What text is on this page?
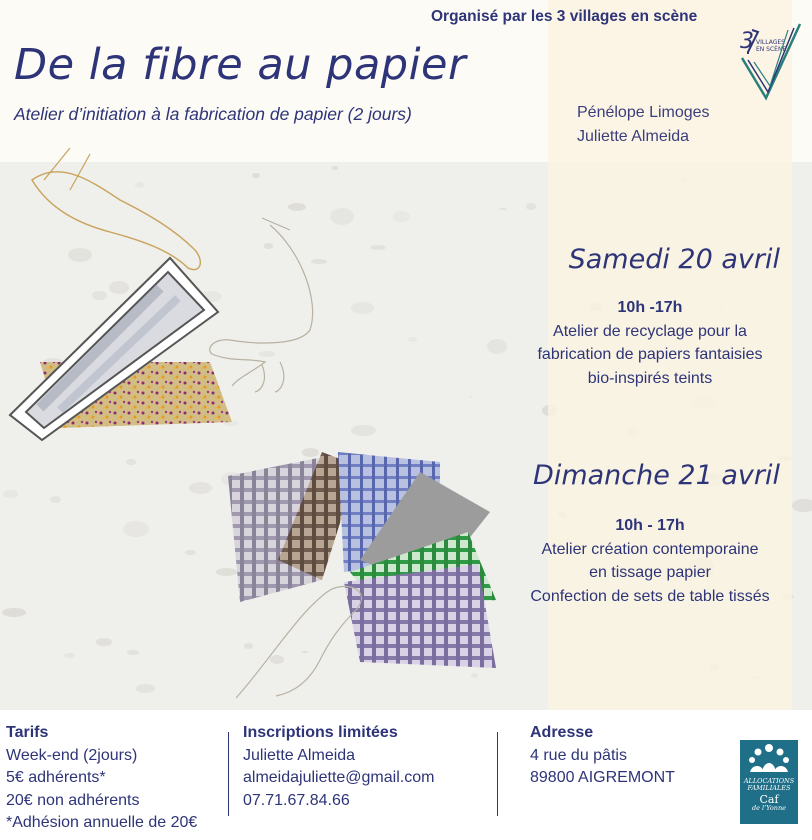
Organisé par les 3 villages en scène
3 VILLAGES
EN SCÈNE
De la fibre au papier
Atelier d’initiation à la fabrication de papier (2 jours)	Pénélope Limoges
Juliette Almeida
Samedi 20 avril
10h -17h
Atelier de recyclage pour la
fabrication de papiers fantaisies
bio-inspirés teints
Dimanche 21 avril
10h - 17h
Atelier création contemporaine
en tissage papier
Confection de sets de table tissés
Tarifs
Week-end (2jours)
5€ adhérents*
20€ non adhérents
*Adhésion annuelle de 20€
Inscriptions limitées
Juliette Almeida
almeidajuliette@gmail.com
07.71.67.84.66
Adresse
4 rue du pâtis
89800 AIGREMONT	ALLOCATIONS
FAMILIALES
Caf
de l’Yonne
